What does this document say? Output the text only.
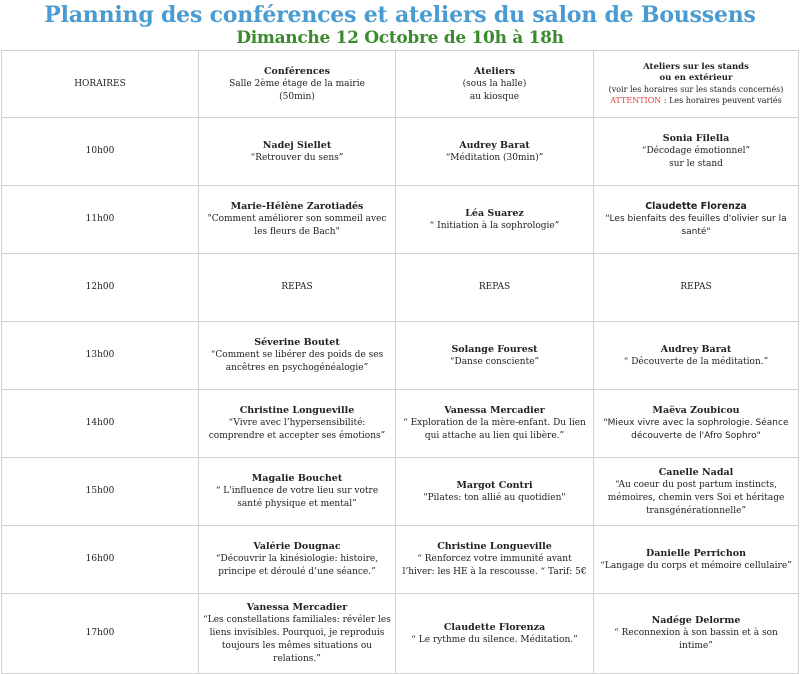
Planning des conférences et ateliers du salon de Boussens
Dimanche 12 Octobre de 10h à 18h
HORAIRES	Conférences
Salle 2ème étage de la mairie
(50min)	Ateliers
(sous la halle)
au kiosque	Ateliers sur les stands
ou en extérieur
(voir les horaires sur les stands concernés)
ATTENTION : Les horaires peuvent variés

10h00	Nadej Siellet
“Retrouver du sens”	Audrey Barat
“Méditation (30min)”	Sonia Filella
“Décodage émotionnel”
sur le stand

11h00	Marie-Hélène Zarotiadés
"Comment améliorer son sommeil avec les fleurs de Bach"	Léa Suarez
“ Initiation à la sophrologie”	Claudette Florenza
"Les bienfaits des feuilles d'olivier sur la santé"

12h00	REPAS	REPAS	REPAS

13h00	Séverine Boutet
“Comment se libérer des poids de ses ancêtres en psychogénéalogie”	Solange Fourest
“Danse consciente”	Audrey Barat
“ Découverte de la méditation.”

14h00	Christine Longueville
“Vivre avec l’hypersensibilité: comprendre et accepter ses émotions”	Vanessa Mercadier
“ Exploration de la mère-enfant. Du lien qui attache au lien qui libère.”	Maëva Zoubicou
"Mieux vivre avec la sophrologie. Séance découverte de l'Afro Sophro"

15h00	Magalie Bouchet
“ L'influence de votre lieu sur votre santé physique et mental”	Margot Contri
"Pilates: ton allié au quotidien"	Canelle Nadal
“Au coeur du post partum instincts, mémoires, chemin vers Soi et héritage transgénérationnelle”

16h00	Valérie Dougnac
“Découvrir la kinésiologie: histoire, principe et déroulé d’une séance.”	Christine Longueville
“ Renforcez votre immunité avant l’hiver: les HE à la rescousse. “ Tarif: 5€	Danielle Perrichon
“Langage du corps et mémoire cellulaire”

17h00	Vanessa Mercadier
“Les constellations familiales: révéler les liens invisibles. Pourquoi, je reproduis toujours les mêmes situations ou relations.”	Claudette Florenza
“ Le rythme du silence. Méditation.”	Nadége Delorme
“ Reconnexion à son bassin et à son intime”
